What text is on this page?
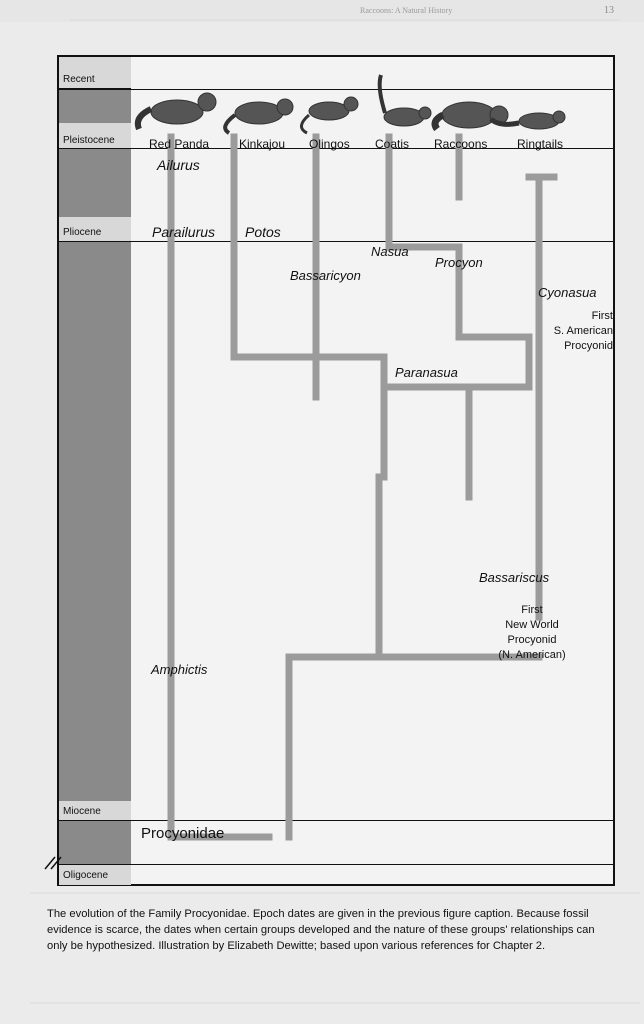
Raccoons: A Natural History	13
Recent
Pleistocene
Pliocene
Miocene
Oligocene
Red Panda Kinkajou Olingos Coatis Raccoons Ringtails
Ailurus
Parailurus Potos
Nasua
Procyon
Bassaricyon
Cyonasua
First
S. American
Procyonid
Paranasua
Bassariscus
First
New World
Procyonid
(N. American)
Amphictis
Procyonidae
The evolution of the Family Procyonidae. Epoch dates are given in the previous figure caption. Because fossil evidence is scarce, the dates when certain groups developed and the nature of these groups' relationships can only be hypothesized. Illustration by Elizabeth Dewitte; based upon various references for Chapter 2.
